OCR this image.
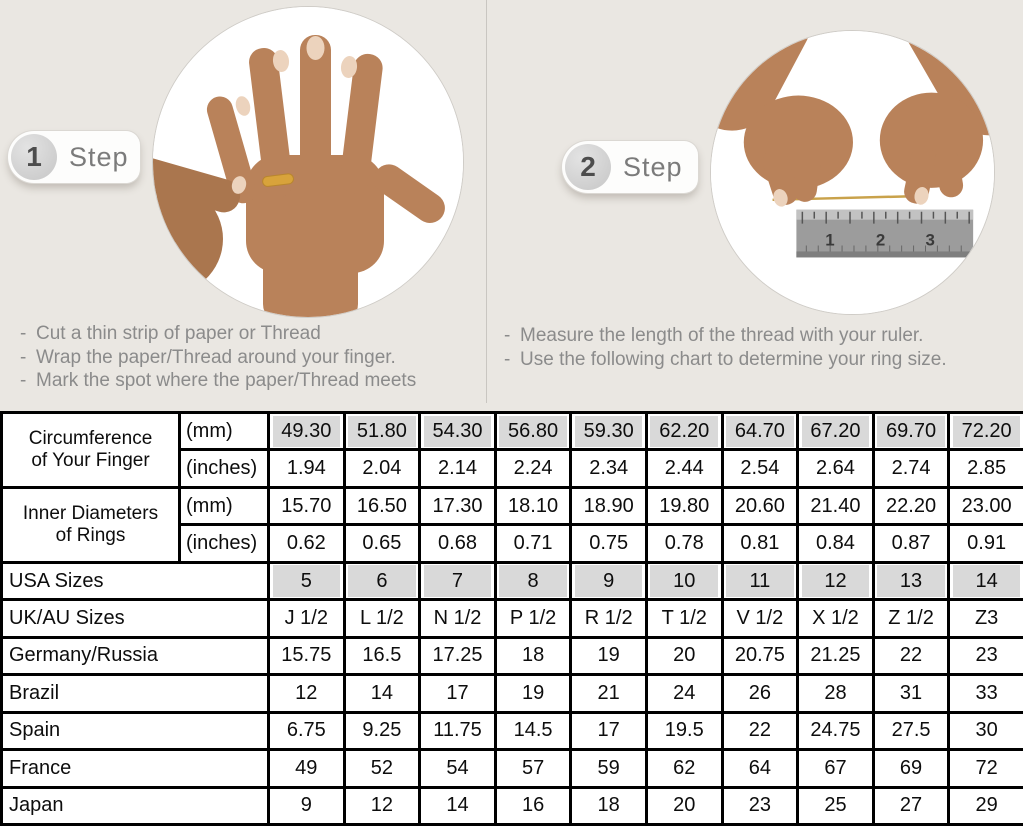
1 Step
- Cut a thin strip of paper or Thread
- Wrap the paper/Thread around your finger.
- Mark the spot where the paper/Thread meets
1 2 3
2 Step
- Measure the length of the thread with your ruler.
- Use the following chart to determine your ring size.
Circumference
of Your Finger	(mm)	49.30	51.80	54.30	56.80	59.30	62.20	64.70	67.20	69.70	72.20
	(inches)	1.94	2.04	2.14	2.24	2.34	2.44	2.54	2.64	2.74	2.85

Inner Diameters
of Rings	(mm)	15.70	16.50	17.30	18.10	18.90	19.80	20.60	21.40	22.20	23.00
	(inches)	0.62	0.65	0.68	0.71	0.75	0.78	0.81	0.84	0.87	0.91
USA Sizes		5	6	7	8	9	10	11	12	13	14
UK/AU Sizes		J 1/2	L 1/2	N 1/2	P 1/2	R 1/2	T 1/2	V 1/2	X 1/2	Z 1/2	Z3
Germany/Russia		15.75	16.5	17.25	18	19	20	20.75	21.25	22	23
Brazil		12	14	17	19	21	24	26	28	31	33
Spain		6.75	9.25	11.75	14.5	17	19.5	22	24.75	27.5	30
France		49	52	54	57	59	62	64	67	69	72
Japan		9	12	14	16	18	20	23	25	27	29
